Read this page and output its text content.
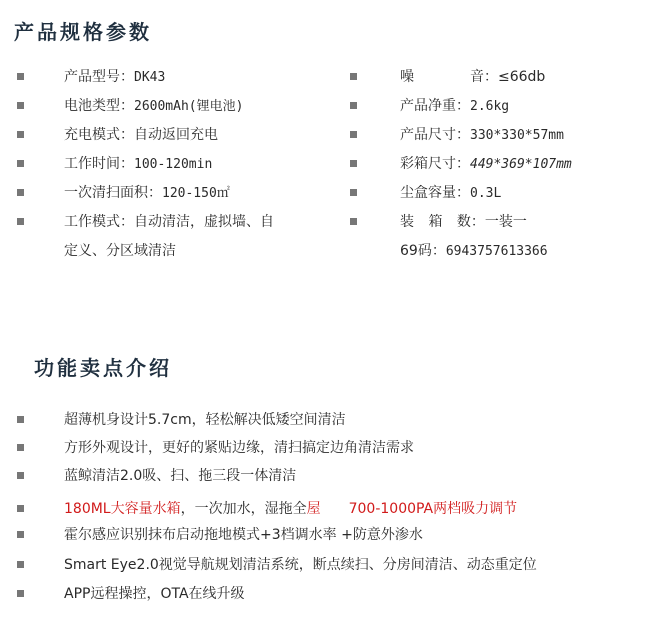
产品规格参数
产品型号：DK43
电池类型：2600mAh(锂电池)
充电模式：自动返回充电
工作时间：100-120min
一次清扫面积：120-150㎡
工作模式：自动清洁，虚拟墙、自
定义、分区域清洁
噪	音：≤66db
产品净重：2.6kg
产品尺寸：330*330*57mm
彩箱尺寸：449*369*107mm
尘盒容量：0.3L
装 箱 数：一装一
69码：6943757613366
功能卖点介绍
超薄机身设计5.7cm，轻松解决低矮空间清洁
方形外观设计，更好的紧贴边缘，清扫搞定边角清洁需求
蓝鲸清洁2.0吸、扫、拖三段一体清洁
180ML大容量水箱，一次加水，湿拖全屋 700-1000PA两档吸力调节
霍尔感应识别抹布启动拖地模式+3档调水率 +防意外渗水
Smart Eye2.0视觉导航规划清洁系统，断点续扫、分房间清洁、动态重定位
APP远程操控，OTA在线升级
